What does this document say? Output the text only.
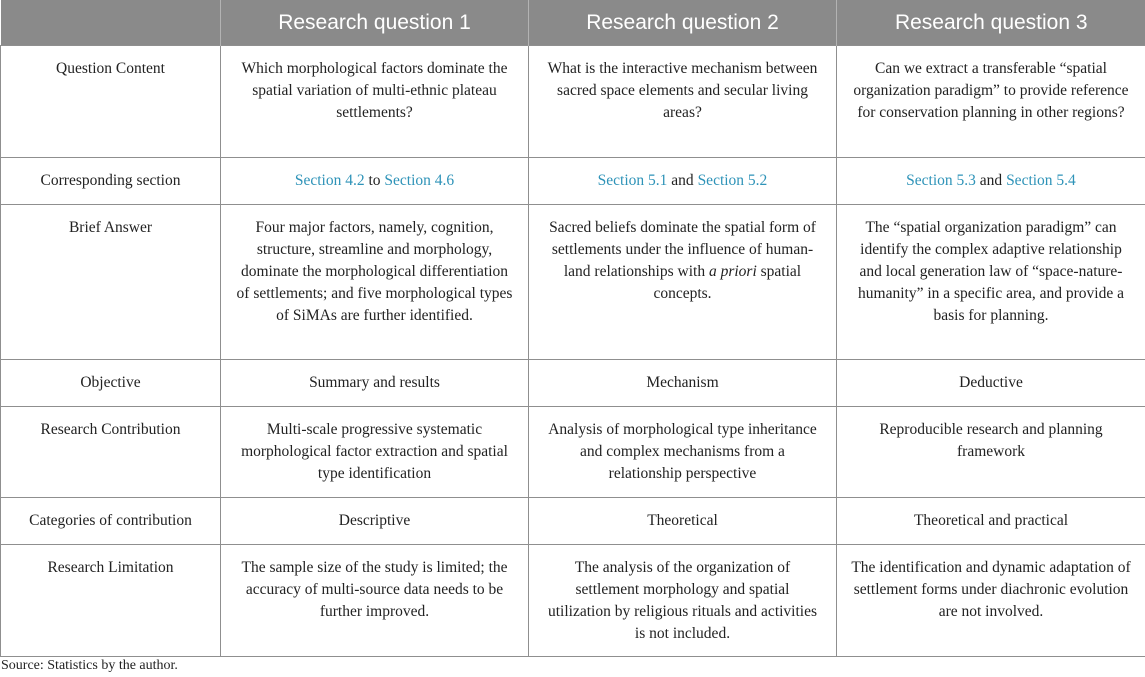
	Research question 1	Research question 2	Research question 3
Question Content	Which morphological factors dominate the spatial variation of multi-ethnic plateau settlements?	What is the interactive mechanism between sacred space elements and secular living areas?	Can we extract a transferable “spatial organization paradigm” to provide reference for conservation planning in other regions?
Corresponding section	Section 4.2 to Section 4.6	Section 5.1 and Section 5.2	Section 5.3 and Section 5.4
Brief Answer	Four major factors, namely, cognition, structure, streamline and morphology, dominate the morphological differentiation of settlements; and five morphological types of SiMAs are further identified.	Sacred beliefs dominate the spatial form of settlements under the influence of human-land relationships with a priori spatial concepts.	The “spatial organization paradigm” can identify the complex adaptive relationship and local generation law of “space-nature-humanity” in a specific area, and provide a basis for planning.
Objective	Summary and results	Mechanism	Deductive
Research Contribution	Multi-scale progressive systematic morphological factor extraction and spatial type identification	Analysis of morphological type inheritance and complex mechanisms from a relationship perspective	Reproducible research and planning framework
Categories of contribution	Descriptive	Theoretical	Theoretical and practical
Research Limitation	The sample size of the study is limited; the accuracy of multi-source data needs to be further improved.	The analysis of the organization of settlement morphology and spatial utilization by religious rituals and activities is not included.	The identification and dynamic adaptation of settlement forms under diachronic evolution are not involved.
Source: Statistics by the author.
